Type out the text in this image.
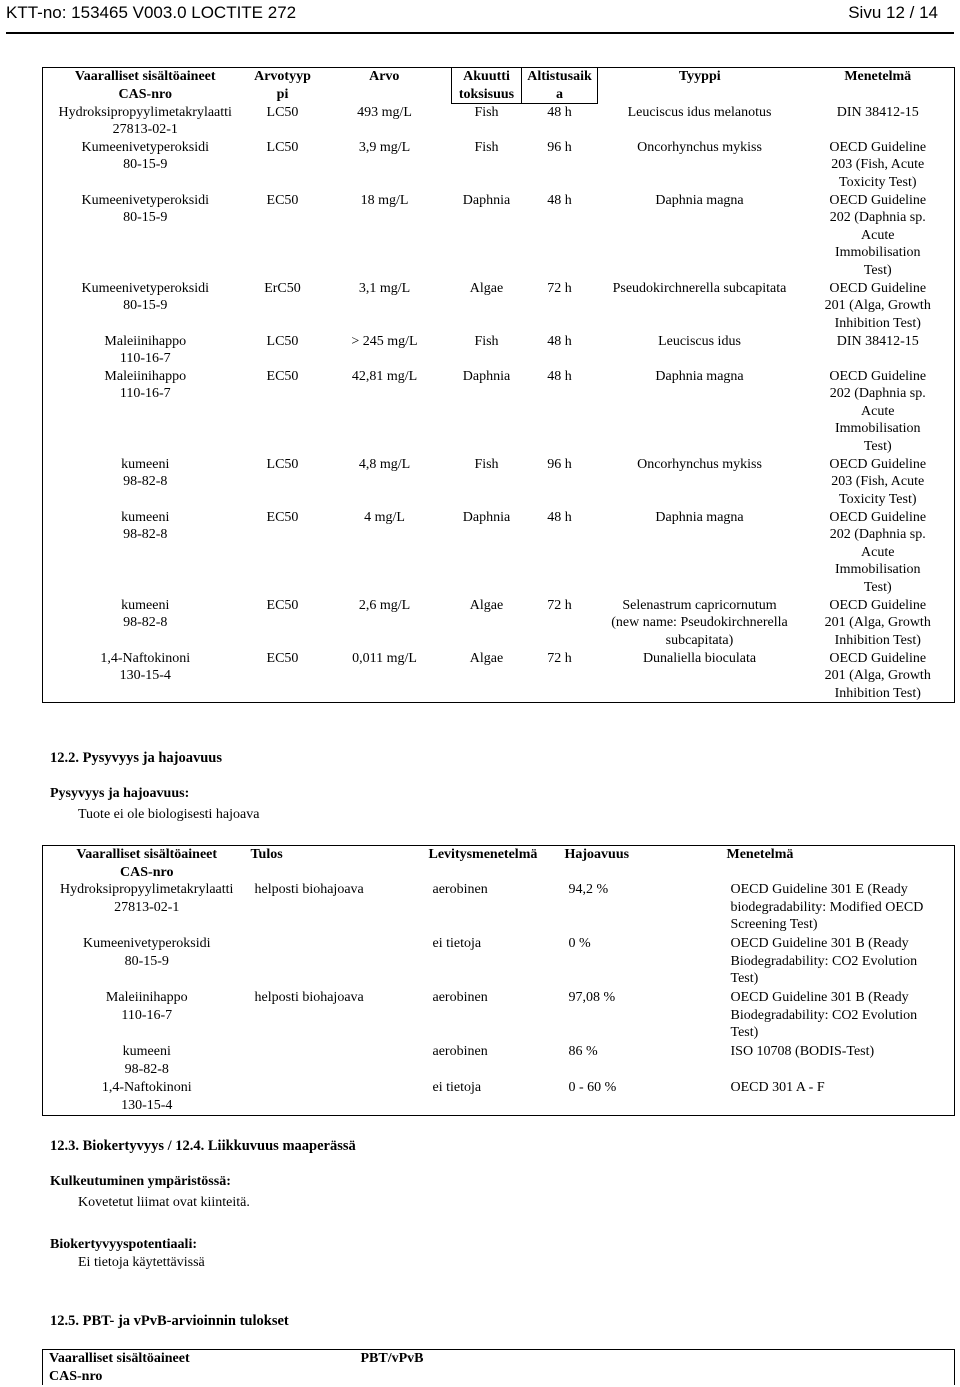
KTT-no: 153465 V003.0 LOCTITE 272	Sivu 12 / 14
Vaaralliset sisältöaineet
CAS-nro	Arvotyyp
pi	Arvo	Akuutti
toksisuus	Altistusaik
a	Tyyppi	Menetelmä
Hydroksipropyylimetakrylaatti
27813-02-1	LC50	493 mg/L	Fish	48 h	Leuciscus idus melanotus	DIN 38412-15
Kumeenivetyperoksidi
80-15-9	LC50	3,9 mg/L	Fish	96 h	Oncorhynchus mykiss	OECD Guideline
203 (Fish, Acute
Toxicity Test)
Kumeenivetyperoksidi
80-15-9	EC50	18 mg/L	Daphnia	48 h	Daphnia magna	OECD Guideline
202 (Daphnia sp.
Acute
Immobilisation
Test)
Kumeenivetyperoksidi
80-15-9	ErC50	3,1 mg/L	Algae	72 h	Pseudokirchnerella subcapitata	OECD Guideline
201 (Alga, Growth
Inhibition Test)
Maleiinihappo
110-16-7	LC50	> 245 mg/L	Fish	48 h	Leuciscus idus	DIN 38412-15
Maleiinihappo
110-16-7	EC50	42,81 mg/L	Daphnia	48 h	Daphnia magna	OECD Guideline
202 (Daphnia sp.
Acute
Immobilisation
Test)
kumeeni
98-82-8	LC50	4,8 mg/L	Fish	96 h	Oncorhynchus mykiss	OECD Guideline
203 (Fish, Acute
Toxicity Test)
kumeeni
98-82-8	EC50	4 mg/L	Daphnia	48 h	Daphnia magna	OECD Guideline
202 (Daphnia sp.
Acute
Immobilisation
Test)
kumeeni
98-82-8	EC50	2,6 mg/L	Algae	72 h	Selenastrum capricornutum
(new name: Pseudokirchnerella
subcapitata)	OECD Guideline
201 (Alga, Growth
Inhibition Test)
1,4-Naftokinoni
130-15-4	EC50	0,011 mg/L	Algae	72 h	Dunaliella bioculata	OECD Guideline
201 (Alga, Growth
Inhibition Test)
12.2. Pysyvyys ja hajoavuus
Pysyvyys ja hajoavuus:
Tuote ei ole biologisesti hajoava
Vaaralliset sisältöaineet
CAS-nro	Tulos	Levitysmenetelmä	Hajoavuus	Menetelmä
Hydroksipropyylimetakrylaatti
27813-02-1	helposti biohajoava	aerobinen	94,2 %	OECD Guideline 301 E (Ready
biodegradability: Modified OECD
Screening Test)
Kumeenivetyperoksidi
80-15-9		ei tietoja	0 %	OECD Guideline 301 B (Ready
Biodegradability: CO2 Evolution
Test)
Maleiinihappo
110-16-7	helposti biohajoava	aerobinen	97,08 %	OECD Guideline 301 B (Ready
Biodegradability: CO2 Evolution
Test)
kumeeni
98-82-8		aerobinen	86 %	ISO 10708 (BODIS-Test)
1,4-Naftokinoni
130-15-4		ei tietoja	0 - 60 %	OECD 301 A - F
12.3. Biokertyvyys / 12.4. Liikkuvuus maaperässä
Kulkeutuminen ympäristössä:
Kovetetut liimat ovat kiinteitä.
Biokertyvyyspotentiaali:
Ei tietoja käytettävissä
12.5. PBT- ja vPvB-arvioinnin tulokset
Vaaralliset sisältöaineet
CAS-nro	PBT/vPvB
